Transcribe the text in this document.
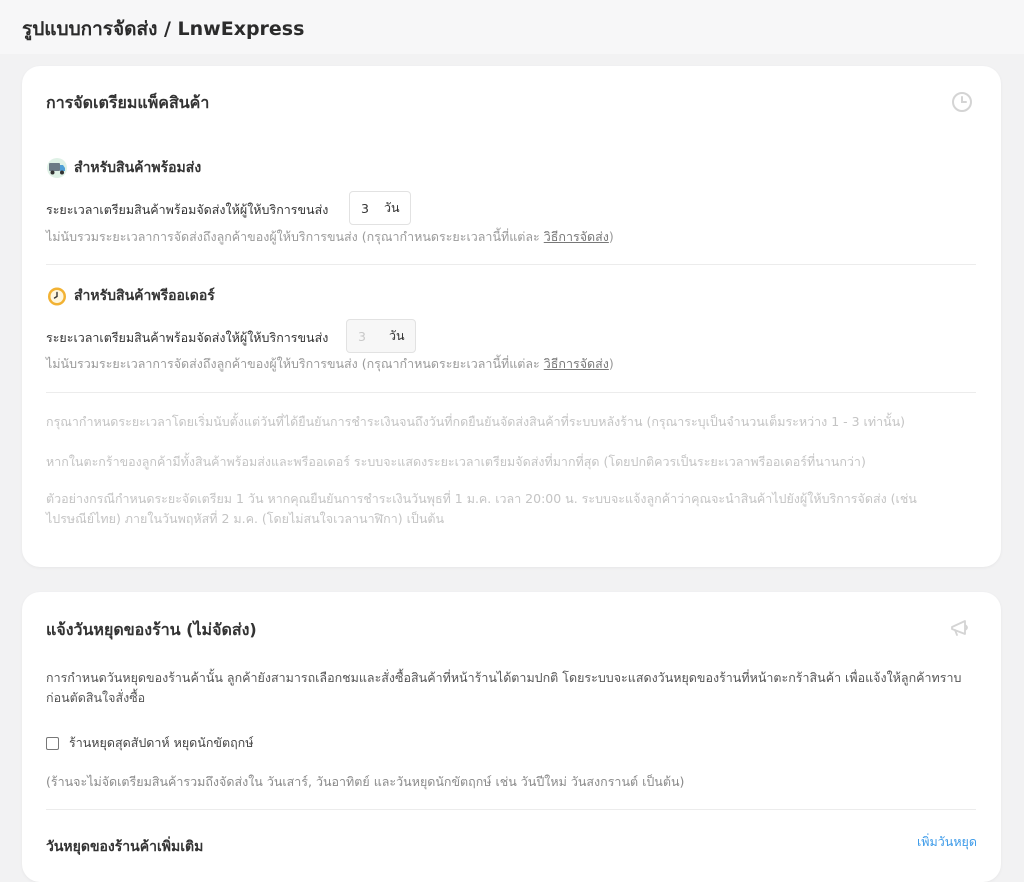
รูปแบบการจัดส่ง / LnwExpress
การจัดเตรียมแพ็คสินค้า
สำหรับสินค้าพร้อมส่ง
ระยะเวลาเตรียมสินค้าพร้อมจัดส่งให้ผู้ให้บริการขนส่ง	3	วัน
ไม่นับรวมระยะเวลาการจัดส่งถึงลูกค้าของผู้ให้บริการขนส่ง (กรุณากำหนดระยะเวลานี้ที่แต่ละ วิธีการจัดส่ง)
สำหรับสินค้าพรีออเดอร์
ระยะเวลาเตรียมสินค้าพร้อมจัดส่งให้ผู้ให้บริการขนส่ง	3	วัน
ไม่นับรวมระยะเวลาการจัดส่งถึงลูกค้าของผู้ให้บริการขนส่ง (กรุณากำหนดระยะเวลานี้ที่แต่ละ วิธีการจัดส่ง)
กรุณากำหนดระยะเวลาโดยเริ่มนับตั้งแต่วันที่ได้ยืนยันการชำระเงินจนถึงวันที่กดยืนยันจัดส่งสินค้าที่ระบบหลังร้าน (กรุณาระบุเป็นจำนวนเต็มระหว่าง 1 - 3 เท่านั้น)
หากในตะกร้าของลูกค้ามีทั้งสินค้าพร้อมส่งและพรีออเดอร์ ระบบจะแสดงระยะเวลาเตรียมจัดส่งที่มากที่สุด (โดยปกติควรเป็นระยะเวลาพรีออเดอร์ที่นานกว่า)
ตัวอย่างกรณีกำหนดระยะจัดเตรียม 1 วัน หากคุณยืนยันการชำระเงินวันพุธที่ 1 ม.ค. เวลา 20:00 น. ระบบจะแจ้งลูกค้าว่าคุณจะนำสินค้าไปยังผู้ให้บริการจัดส่ง (เช่น ไปรษณีย์ไทย) ภายในวันพฤหัสที่ 2 ม.ค. (โดยไม่สนใจเวลานาฬิกา) เป็นต้น
แจ้งวันหยุดของร้าน (ไม่จัดส่ง)
การกำหนดวันหยุดของร้านค้านั้น ลูกค้ายังสามารถเลือกชมและสั่งซื้อสินค้าที่หน้าร้านได้ตามปกติ โดยระบบจะแสดงวันหยุดของร้านที่หน้าตะกร้าสินค้า เพื่อแจ้งให้ลูกค้าทราบก่อนตัดสินใจสั่งซื้อ
ร้านหยุดสุดสัปดาห์ หยุดนักขัตฤกษ์
(ร้านจะไม่จัดเตรียมสินค้ารวมถึงจัดส่งใน วันเสาร์, วันอาทิตย์ และวันหยุดนักขัตฤกษ์ เช่น วันปีใหม่ วันสงกรานต์ เป็นต้น)
วันหยุดของร้านค้าเพิ่มเติม	เพิ่มวันหยุด
